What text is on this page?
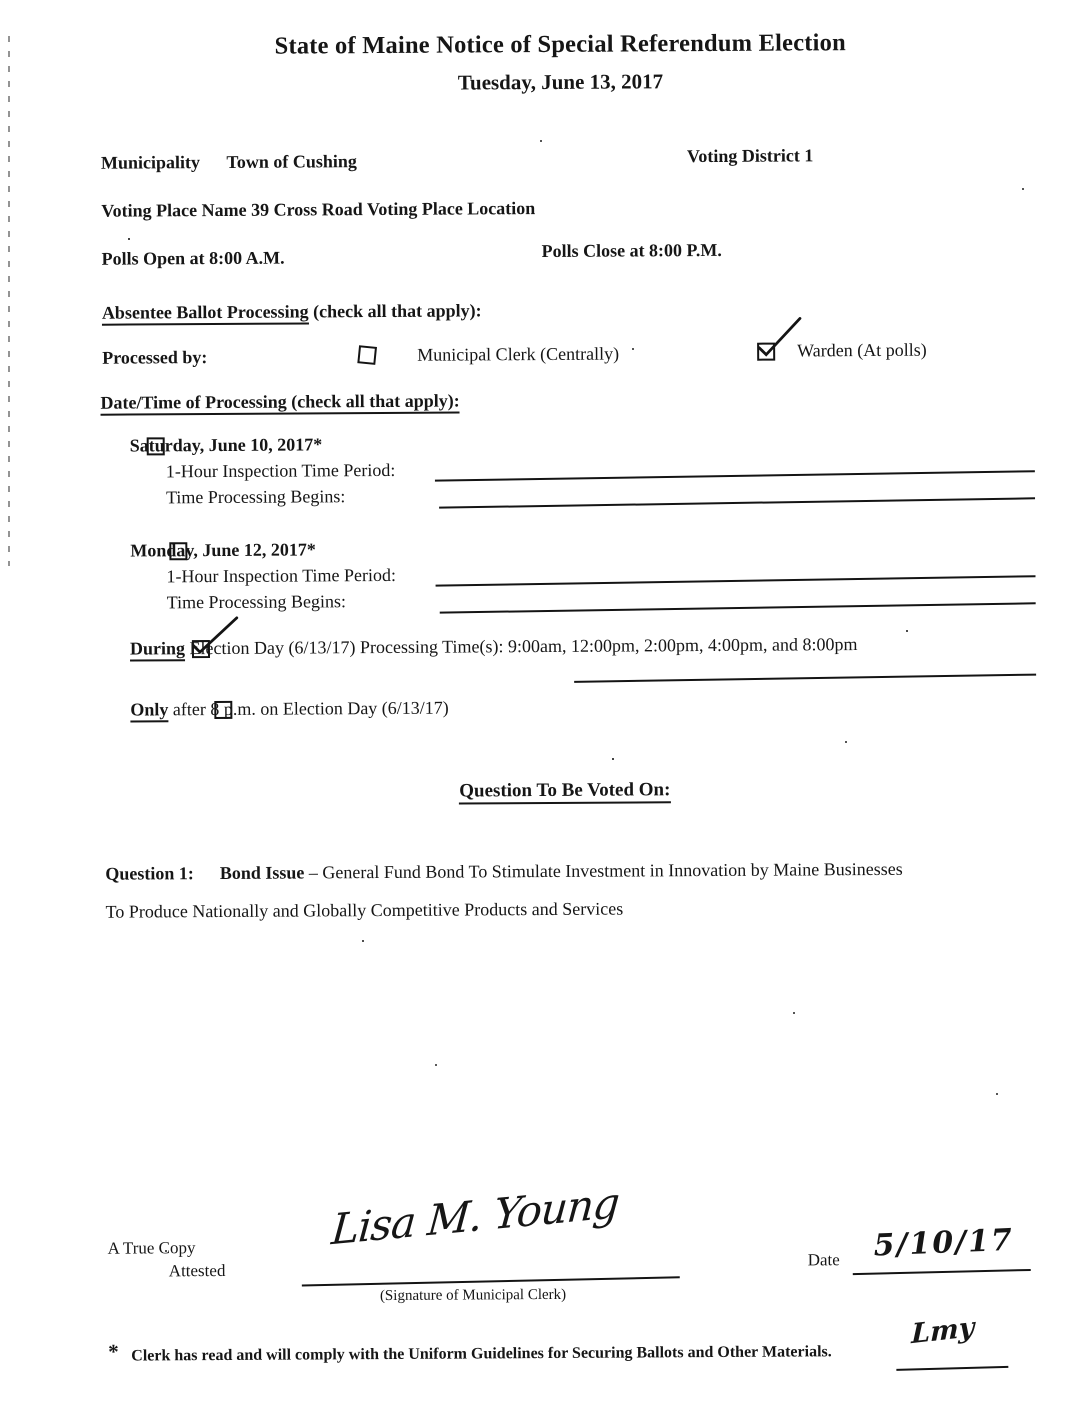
State of Maine Notice of Special Referendum Election
Tuesday, June 13, 2017
Municipality Town of Cushing	Voting District 1
Voting Place Name 39 Cross Road Voting Place Location
Polls Open at 8:00 A.M.	Polls Close at 8:00 P.M.
Absentee Ballot Processing (check all that apply):
Processed by:
	Municipal Clerk (Centrally)
	Warden (At polls)
Date/Time of Processing (check all that apply):

Saturday, June 10, 2017*
1-Hour Inspection Time Period:
Time Processing Begins:

Monday, June 12, 2017*
1-Hour Inspection Time Period:
Time Processing Begins:

During Election Day (6/13/17) Processing Time(s): 9:00am, 12:00pm, 2:00pm, 4:00pm, and 8:00pm
Only after 8 p.m. on Election Day (6/13/17)
Question To Be Voted On:
Question 1: Bond Issue – General Fund Bond To Stimulate Investment in Innovation by Maine Businesses
To Produce Nationally and Globally Competitive Products and Services
A True Copy
Attested
Lisa M. Young
(Signature of Municipal Clerk)
Date 5/10/17
* Clerk has read and will comply with the Uniform Guidelines for Securing Ballots and Other Materials.
Lmy
